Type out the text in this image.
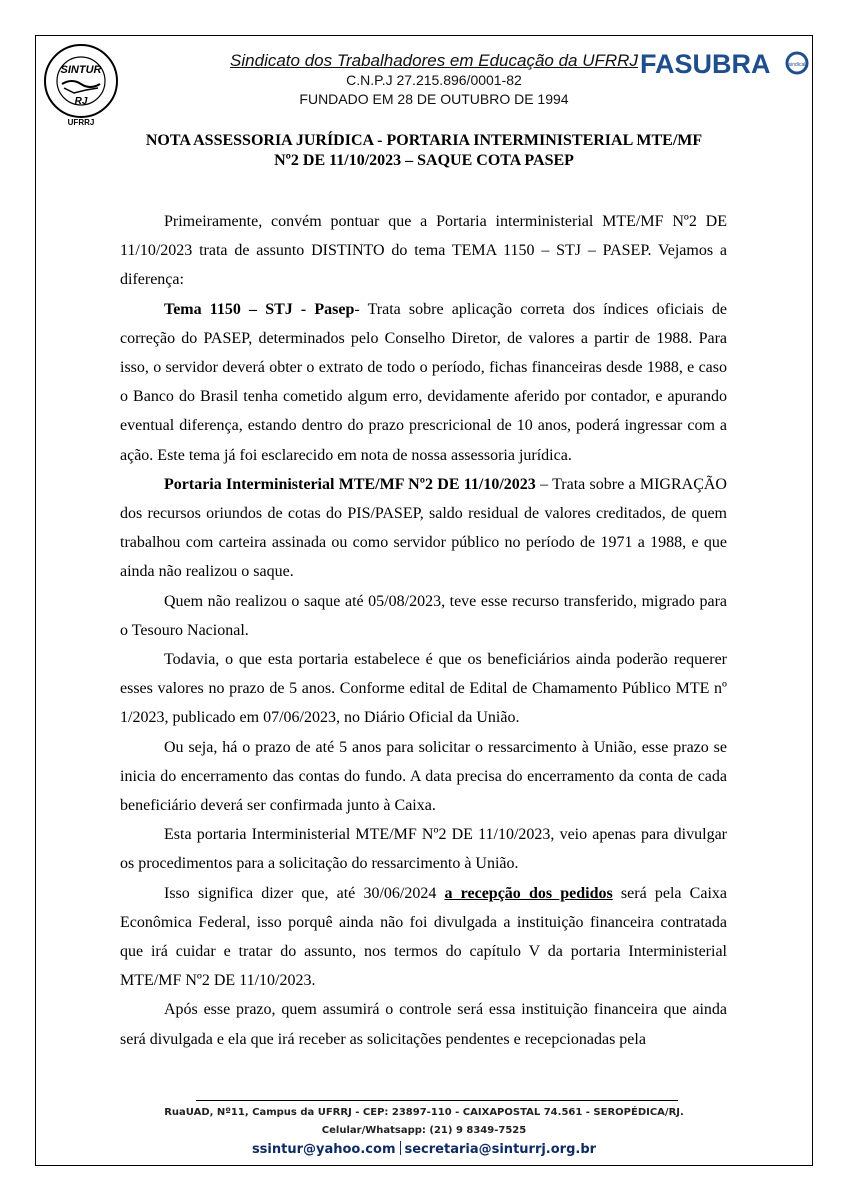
SINTUR
RJ
UFRRJ
Sindicato dos Trabalhadores em Educação da UFRRJ
C.N.P.J 27.215.896/0001-82
FUNDADO EM 28 DE OUTUBRO DE 1994
FASUBRA	sindical
NOTA ASSESSORIA JURÍDICA - PORTARIA INTERMINISTERIAL MTE/MF
Nº2 DE 11/10/2023 – SAQUE COTA PASEP

Primeiramente, convém pontuar que a Portaria interministerial MTE/MF Nº2 DE 11/10/2023 trata de assunto DISTINTO do tema TEMA 1150 – STJ – PASEP. Vejamos a diferença:

Tema 1150 – STJ - Pasep- Trata sobre aplicação correta dos índices oficiais de correção do PASEP, determinados pelo Conselho Diretor, de valores a partir de 1988. Para isso, o servidor deverá obter o extrato de todo o período, fichas financeiras desde 1988, e caso o Banco do Brasil tenha cometido algum erro, devidamente aferido por contador, e apurando eventual diferença, estando dentro do prazo prescricional de 10 anos, poderá ingressar com a ação. Este tema já foi esclarecido em nota de nossa assessoria jurídica.

Portaria Interministerial MTE/MF Nº2 DE 11/10/2023 – Trata sobre a MIGRAÇÃO dos recursos oriundos de cotas do PIS/PASEP, saldo residual de valores creditados, de quem trabalhou com carteira assinada ou como servidor público no período de 1971 a 1988, e que ainda não realizou o saque.

Quem não realizou o saque até 05/08/2023, teve esse recurso transferido, migrado para o Tesouro Nacional.

Todavia, o que esta portaria estabelece é que os beneficiários ainda poderão requerer esses valores no prazo de 5 anos. Conforme edital de Edital de Chamamento Público MTE nº 1/2023, publicado em 07/06/2023, no Diário Oficial da União.

Ou seja, há o prazo de até 5 anos para solicitar o ressarcimento à União, esse prazo se inicia do encerramento das contas do fundo. A data precisa do encerramento da conta de cada beneficiário deverá ser confirmada junto à Caixa.

Esta portaria Interministerial MTE/MF Nº2 DE 11/10/2023, veio apenas para divulgar os procedimentos para a solicitação do ressarcimento à União.

Isso significa dizer que, até 30/06/2024 a recepção dos pedidos será pela Caixa Econômica Federal, isso porquê ainda não foi divulgada a instituição financeira contratada que irá cuidar e tratar do assunto, nos termos do capítulo V da portaria Interministerial MTE/MF Nº2 DE 11/10/2023.

Após esse prazo, quem assumirá o controle será essa instituição financeira que ainda será divulgada e ela que irá receber as solicitações pendentes e recepcionadas pela

RuaUAD, Nº11, Campus da UFRRJ - CEP: 23897-110 - CAIXAPOSTAL 74.561 - SEROPÉDICA/RJ.
Celular/Whatsapp: (21) 9 8349-7525
ssintur@yahoo.com secretaria@sinturrj.org.br
